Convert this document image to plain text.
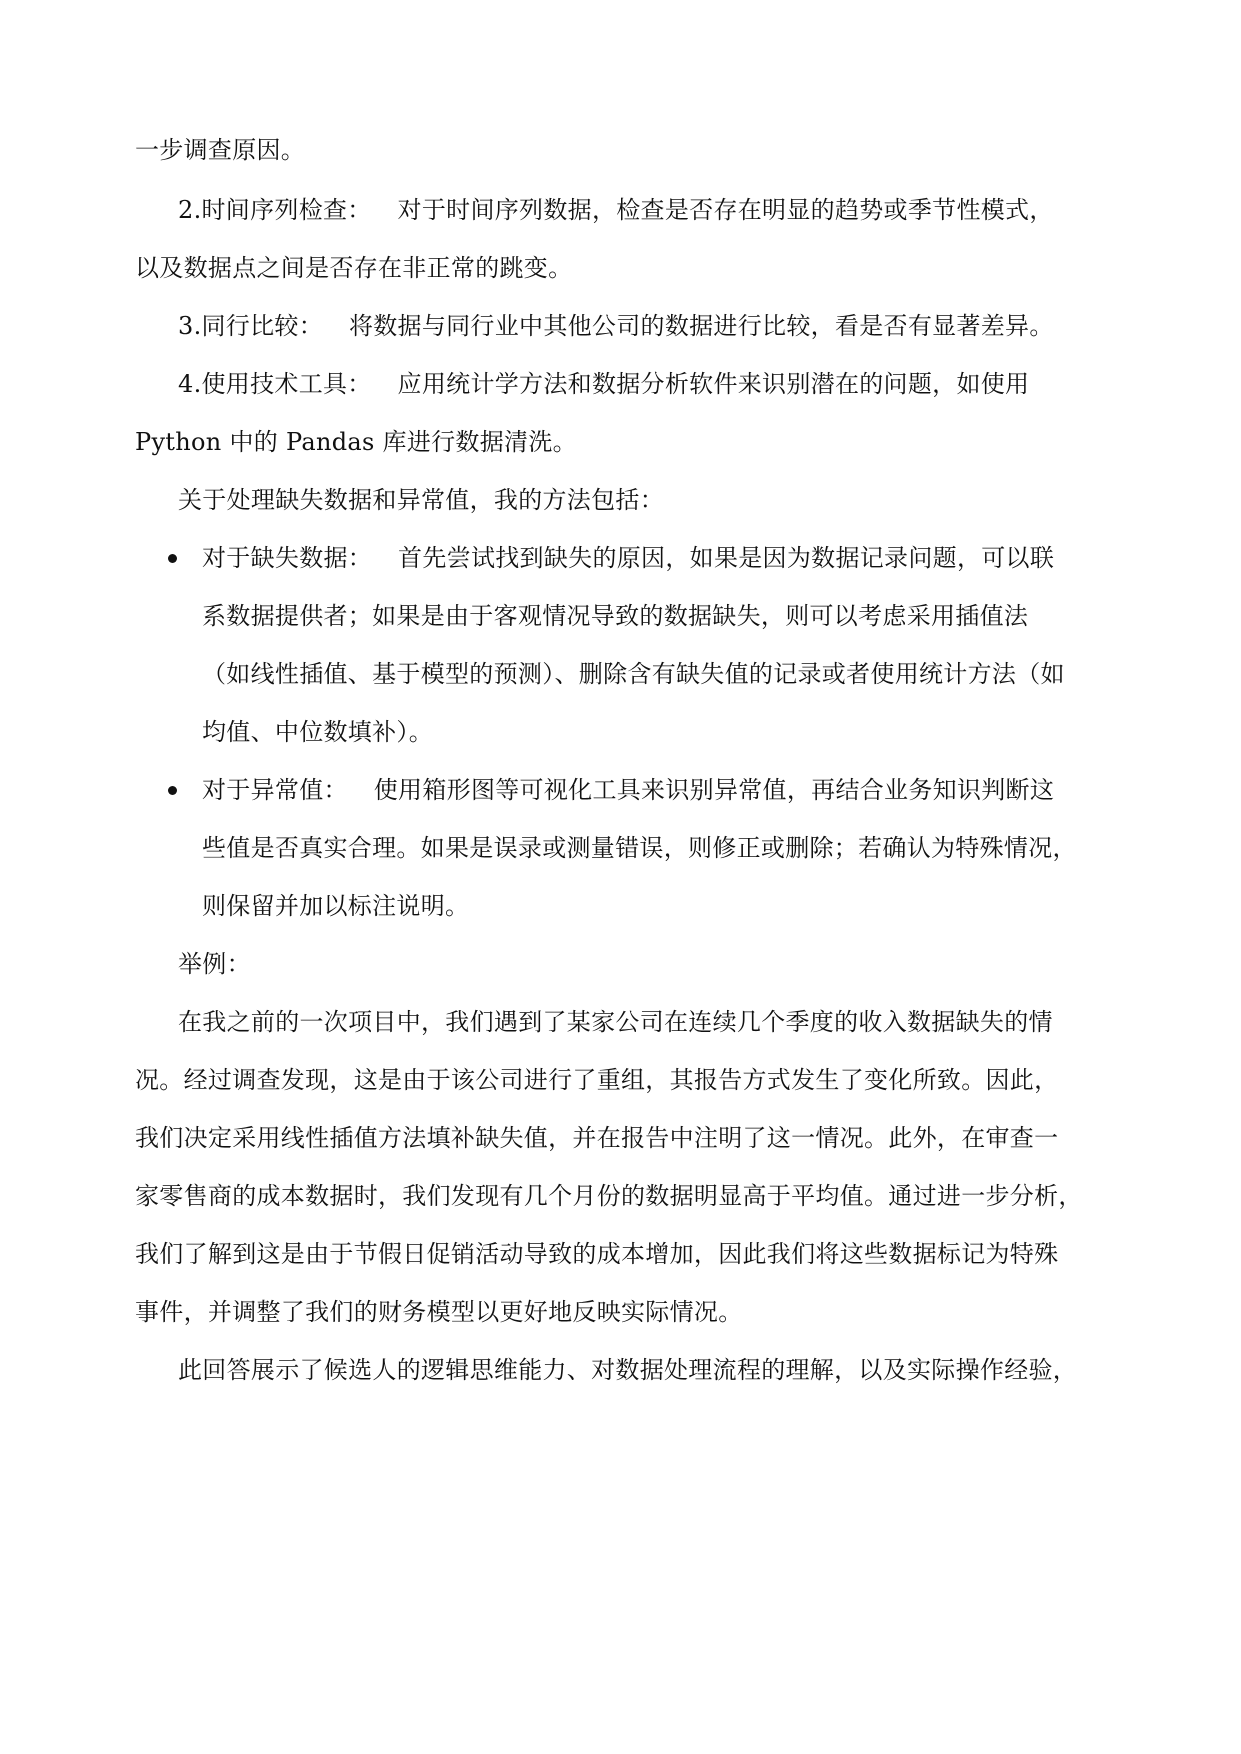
一步调查原因。
2.时间序列检查： 对于时间序列数据，检查是否存在明显的趋势或季节性模式，
以及数据点之间是否存在非正常的跳变。
3.同行比较： 将数据与同行业中其他公司的数据进行比较，看是否有显著差异。
4.使用技术工具： 应用统计学方法和数据分析软件来识别潜在的问题，如使用
Python 中的 Pandas 库进行数据清洗。
关于处理缺失数据和异常值，我的方法包括：
对于缺失数据： 首先尝试找到缺失的原因，如果是因为数据记录问题，可以联
系数据提供者；如果是由于客观情况导致的数据缺失，则可以考虑采用插值法
（如线性插值、基于模型的预测）、删除含有缺失值的记录或者使用统计方法（如
均值、中位数填补）。
对于异常值： 使用箱形图等可视化工具来识别异常值，再结合业务知识判断这
些值是否真实合理。如果是误录或测量错误，则修正或删除；若确认为特殊情况，
则保留并加以标注说明。
举例：
在我之前的一次项目中，我们遇到了某家公司在连续几个季度的收入数据缺失的情
况。经过调查发现，这是由于该公司进行了重组，其报告方式发生了变化所致。因此，
我们决定采用线性插值方法填补缺失值，并在报告中注明了这一情况。此外，在审查一
家零售商的成本数据时，我们发现有几个月份的数据明显高于平均值。通过进一步分析，
我们了解到这是由于节假日促销活动导致的成本增加，因此我们将这些数据标记为特殊
事件，并调整了我们的财务模型以更好地反映实际情况。
此回答展示了候选人的逻辑思维能力、对数据处理流程的理解，以及实际操作经验，
